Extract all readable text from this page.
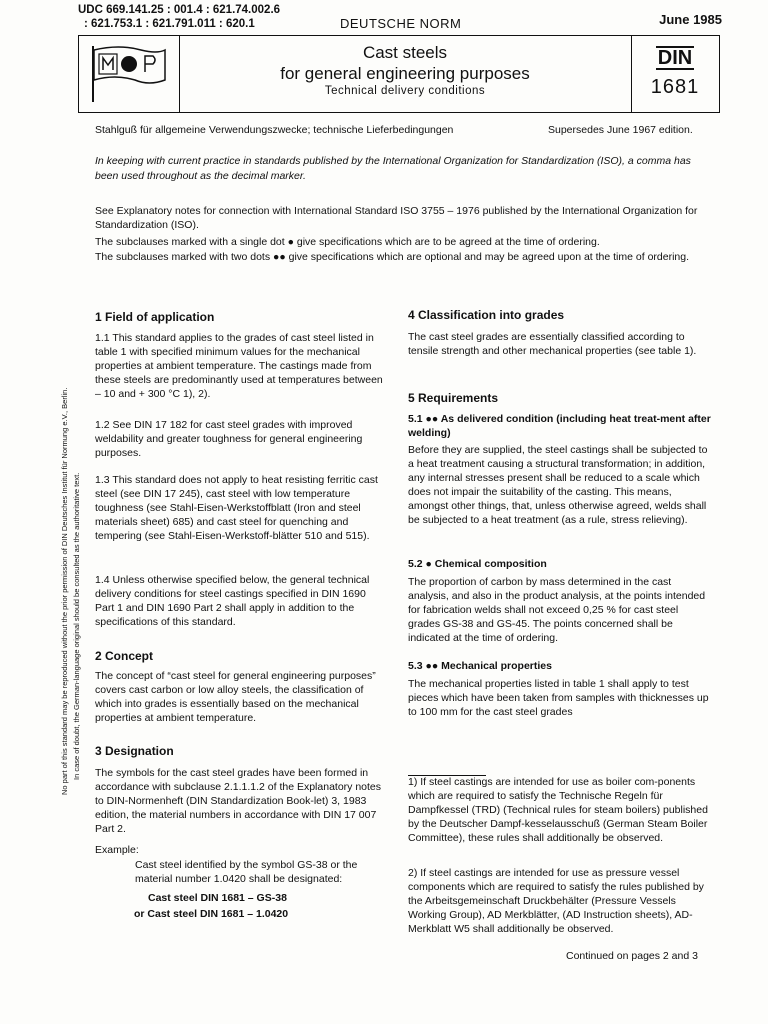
UDC 669.141.25 : 001.4 : 621.74.002.6
: 621.753.1 : 621.791.011 : 620.1	DEUTSCHE NORM	June 1985
Cast steels
for general engineering purposes
Technical delivery conditions
DIN
1681
Stahlguß für allgemeine Verwendungszwecke; technische Lieferbedingungen	Supersedes June 1967 edition.
In keeping with current practice in standards published by the International Organization for Standardization (ISO), a comma has been used throughout as the decimal marker.
See Explanatory notes for connection with International Standard ISO 3755 – 1976 published by the International Organization for Standardization (ISO).
The subclauses marked with a single dot ● give specifications which are to be agreed at the time of ordering.
The subclauses marked with two dots ●● give specifications which are optional and may be agreed upon at the time of ordering.
No part of this standard may be reproduced without the prior permission of DIN Deutsches Institut für Normung e.V., Berlin. In case of doubt, the German-language original should be consulted as the authoritative text.
1 Field of application
1.1 This standard applies to the grades of cast steel listed in table 1 with specified minimum values for the mechanical properties at ambient temperature. The castings made from these steels are predominantly used at temperatures between – 10 and + 300 °C 1), 2).
1.2 See DIN 17 182 for cast steel grades with improved weldability and greater toughness for general engineering purposes.
1.3 This standard does not apply to heat resisting ferritic cast steel (see DIN 17 245), cast steel with low temperature toughness (see Stahl-Eisen-Werkstoffblatt (Iron and steel materials sheet) 685) and cast steel for quenching and tempering (see Stahl-Eisen-Werkstoff-blätter 510 and 515).
1.4 Unless otherwise specified below, the general technical delivery conditions for steel castings specified in DIN 1690 Part 1 and DIN 1690 Part 2 shall apply in addition to the specifications of this standard.
2 Concept
The concept of “cast steel for general engineering purposes” covers cast carbon or low alloy steels, the classification of which into grades is essentially based on the mechanical properties at ambient temperature.
3 Designation
The symbols for the cast steel grades have been formed in accordance with subclause 2.1.1.1.2 of the Explanatory notes to DIN-Normenheft (DIN Standardization Book-let) 3, 1983 edition, the material numbers in accordance with DIN 17 007 Part 2.
Example:
Cast steel identified by the symbol GS-38 or the material number 1.0420 shall be designated:
Cast steel DIN 1681 – GS-38
or Cast steel DIN 1681 – 1.0420
4 Classification into grades
The cast steel grades are essentially classified according to tensile strength and other mechanical properties (see table 1).
5 Requirements
5.1 ●● As delivered condition (including heat treat-ment after welding)
Before they are supplied, the steel castings shall be subjected to a heat treatment causing a structural transformation; in addition, any internal stresses present shall be reduced to a scale which does not impair the suitability of the casting. This means, amongst other things, that, unless otherwise agreed, welds shall be subjected to a heat treatment (as a rule, stress relieving).
5.2 ● Chemical composition
The proportion of carbon by mass determined in the cast analysis, and also in the product analysis, at the points intended for fabrication welds shall not exceed 0,25 % for cast steel grades GS-38 and GS-45. The points concerned shall be indicated at the time of ordering.
5.3 ●● Mechanical properties
The mechanical properties listed in table 1 shall apply to test pieces which have been taken from samples with thicknesses up to 100 mm for the cast steel grades
1) If steel castings are intended for use as boiler com-ponents which are required to satisfy the Technische Regeln für Dampfkessel (TRD) (Technical rules for steam boilers) published by the Deutscher Dampf-kesselausschuß (German Steam Boiler Committee), these rules shall additionally be observed.
2) If steel castings are intended for use as pressure vessel components which are required to satisfy the rules published by the Arbeitsgemeinschaft Druckbehälter (Pressure Vessels Working Group), AD Merkblätter, (AD Instruction sheets), AD-Merkblatt W5 shall additionally be observed.
Continued on pages 2 and 3
